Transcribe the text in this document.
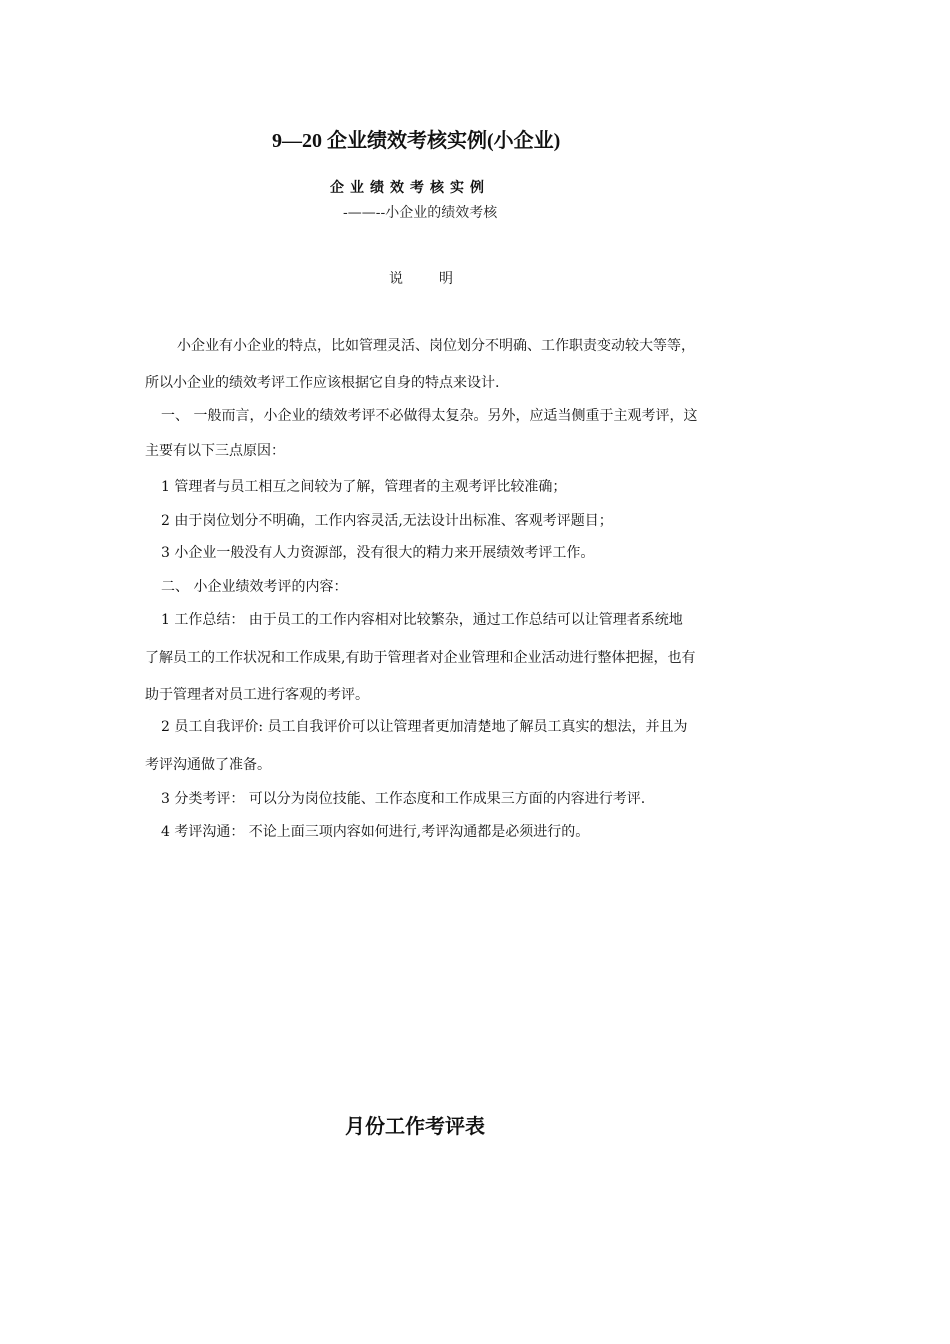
9—20 企业绩效考核实例(小企业)
企业绩效考核实例
-——--小企业的绩效考核
说 明
小企业有小企业的特点，比如管理灵活、岗位划分不明确、工作职责变动较大等等，
所以小企业的绩效考评工作应该根据它自身的特点来设计.
一、 一般而言，小企业的绩效考评不必做得太复杂。另外，应适当侧重于主观考评，这
主要有以下三点原因：
1 管理者与员工相互之间较为了解，管理者的主观考评比较准确；
2 由于岗位划分不明确，工作内容灵活,无法设计出标准、客观考评题目；
3 小企业一般没有人力资源部，没有很大的精力来开展绩效考评工作。
二、 小企业绩效考评的内容：
1 工作总结： 由于员工的工作内容相对比较繁杂，通过工作总结可以让管理者系统地
了解员工的工作状况和工作成果,有助于管理者对企业管理和企业活动进行整体把握，也有
助于管理者对员工进行客观的考评。
2 员工自我评价: 员工自我评价可以让管理者更加清楚地了解员工真实的想法，并且为
考评沟通做了准备。
3 分类考评： 可以分为岗位技能、工作态度和工作成果三方面的内容进行考评.
4 考评沟通： 不论上面三项内容如何进行,考评沟通都是必须进行的。
月份工作考评表
